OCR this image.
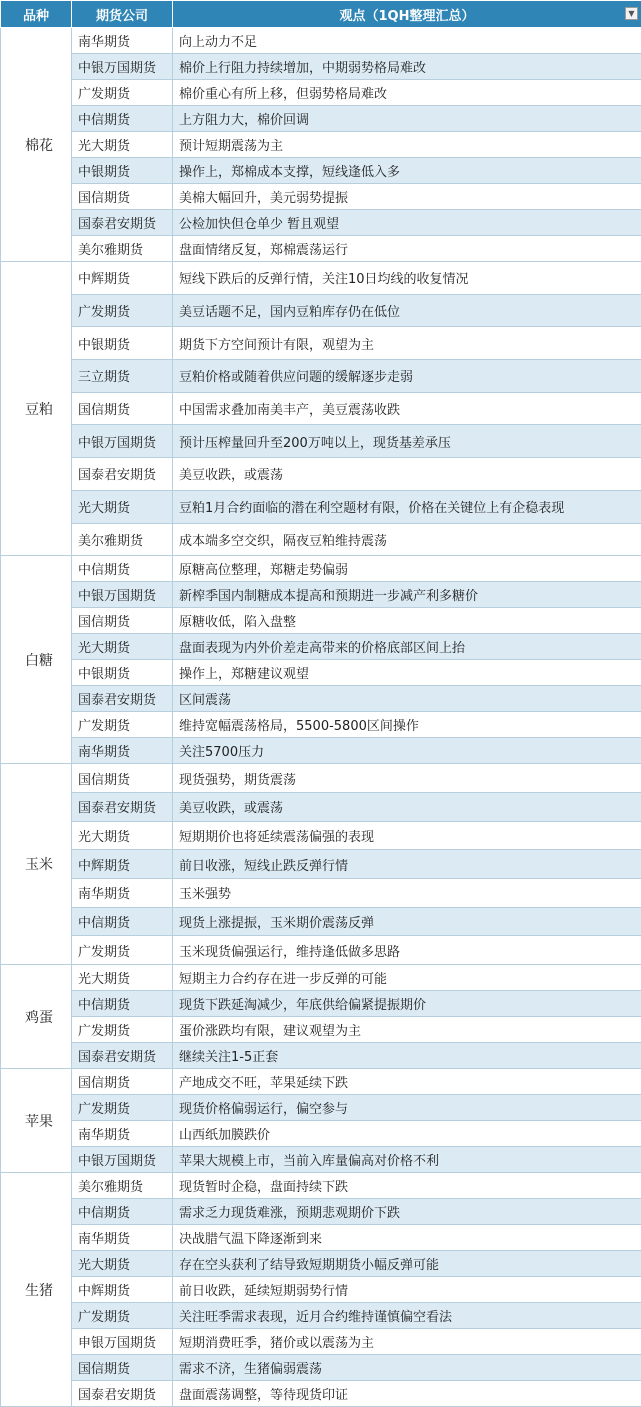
品种	期货公司	观点（1QH整理汇总） ▼

棉花	南华期货	向上动力不足
	中银万国期货	棉价上行阻力持续增加，中期弱势格局难改
	广发期货	棉价重心有所上移，但弱势格局难改
	中信期货	上方阻力大，棉价回调
	光大期货	预计短期震荡为主
	中银期货	操作上，郑棉成本支撑，短线逢低入多
	国信期货	美棉大幅回升，美元弱势提振
	国泰君安期货	公检加快但仓单少 暂且观望
	美尔雅期货	盘面情绪反复，郑棉震荡运行
豆粕	中辉期货	短线下跌后的反弹行情，关注10日均线的收复情况
	广发期货	美豆话题不足，国内豆粕库存仍在低位
	中银期货	期货下方空间预计有限，观望为主
	三立期货	豆粕价格或随着供应问题的缓解逐步走弱
	国信期货	中国需求叠加南美丰产，美豆震荡收跌
	中银万国期货	预计压榨量回升至200万吨以上，现货基差承压
	国泰君安期货	美豆收跌，或震荡
	光大期货	豆粕1月合约面临的潜在利空题材有限，价格在关键位上有企稳表现
	美尔雅期货	成本端多空交织，隔夜豆粕维持震荡
白糖	中信期货	原糖高位整理，郑糖走势偏弱
	中银万国期货	新榨季国内制糖成本提高和预期进一步减产利多糖价
	国信期货	原糖收低，陷入盘整
	光大期货	盘面表现为内外价差走高带来的价格底部区间上抬
	中银期货	操作上，郑糖建议观望
	国泰君安期货	区间震荡
	广发期货	维持宽幅震荡格局，5500-5800区间操作
	南华期货	关注5700压力
玉米	国信期货	现货强势，期货震荡
	国泰君安期货	美豆收跌，或震荡
	光大期货	短期期价也将延续震荡偏强的表现
	中辉期货	前日收涨，短线止跌反弹行情
	南华期货	玉米强势
	中信期货	现货上涨提振，玉米期价震荡反弹
	广发期货	玉米现货偏强运行，维持逢低做多思路
鸡蛋	光大期货	短期主力合约存在进一步反弹的可能
	中信期货	现货下跌延淘减少，年底供给偏紧提振期价
	广发期货	蛋价涨跌均有限，建议观望为主
	国泰君安期货	继续关注1-5正套
苹果	国信期货	产地成交不旺，苹果延续下跌
	广发期货	现货价格偏弱运行，偏空参与
	南华期货	山西纸加膜跌价
	中银万国期货	苹果大规模上市，当前入库量偏高对价格不利
生猪	美尔雅期货	现货暂时企稳，盘面持续下跌
	中信期货	需求乏力现货难涨，预期悲观期价下跌
	南华期货	决战腊气温下降逐渐到来
	光大期货	存在空头获利了结导致短期期货小幅反弹可能
	中辉期货	前日收跌，延续短期弱势行情
	广发期货	关注旺季需求表现，近月合约维持谨慎偏空看法
	申银万国期货	短期消费旺季，猪价或以震荡为主
	国信期货	需求不济，生猪偏弱震荡
	国泰君安期货	盘面震荡调整，等待现货印证
